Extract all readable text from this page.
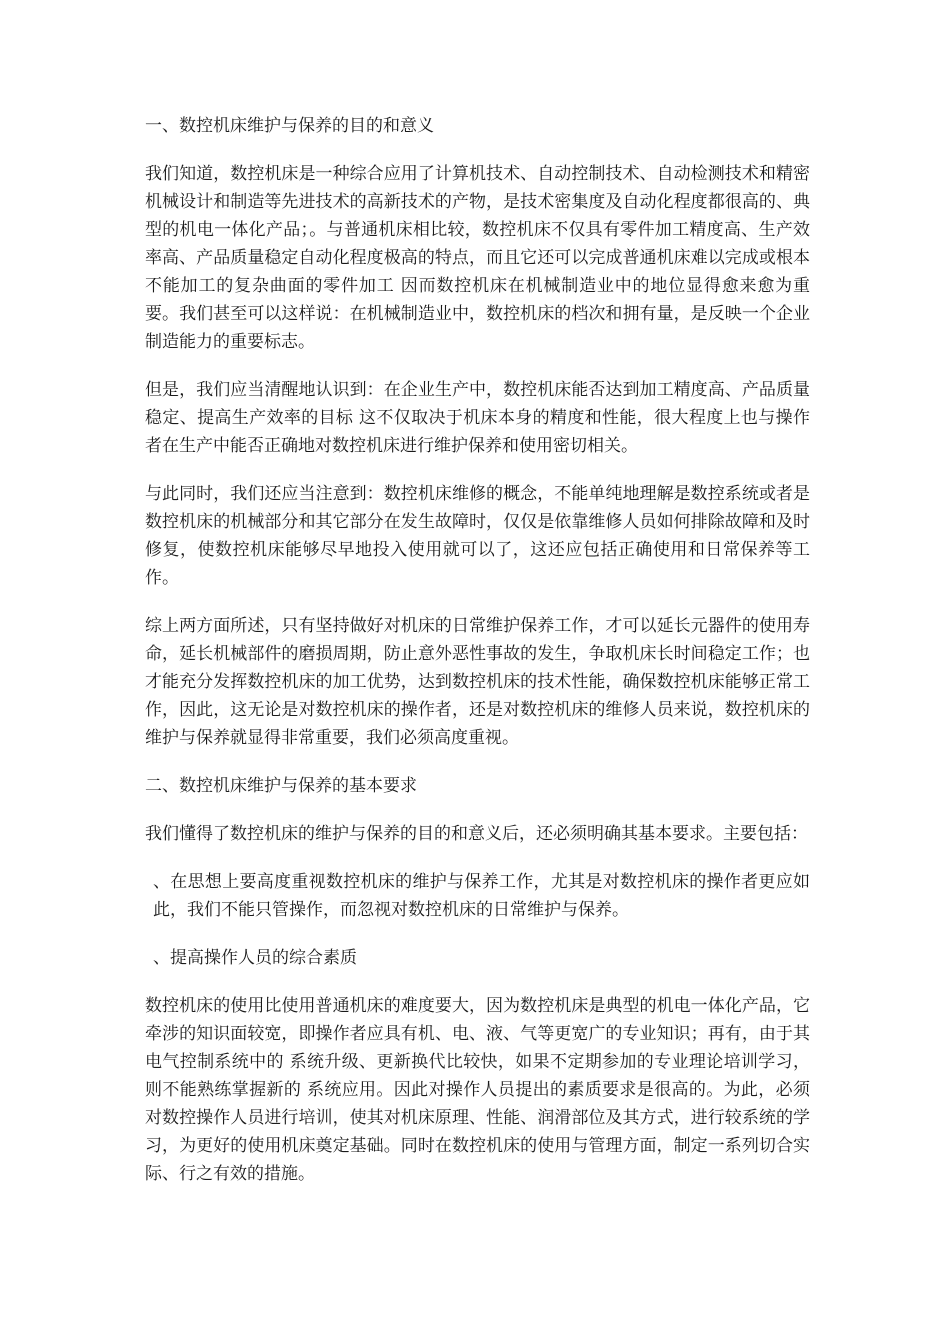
一、数控机床维护与保养的目的和意义
我们知道，数控机床是一种综合应用了计算机技术、自动控制技术、自动检测技术和精密机械设计和制造等先进技术的高新技术的产物，是技术密集度及自动化程度都很高的、典型的机电一体化产品；。与普通机床相比较，数控机床不仅具有零件加工精度高、生产效率高、产品质量稳定自动化程度极高的特点，而且它还可以完成普通机床难以完成或根本不能加工的复杂曲面的零件加工 因而数控机床在机械制造业中的地位显得愈来愈为重要。我们甚至可以这样说：在机械制造业中，数控机床的档次和拥有量，是反映一个企业制造能力的重要标志。
但是，我们应当清醒地认识到：在企业生产中，数控机床能否达到加工精度高、产品质量稳定、提高生产效率的目标 这不仅取决于机床本身的精度和性能，很大程度上也与操作者在生产中能否正确地对数控机床进行维护保养和使用密切相关。
与此同时，我们还应当注意到：数控机床维修的概念，不能单纯地理解是数控系统或者是数控机床的机械部分和其它部分在发生故障时，仅仅是依靠维修人员如何排除故障和及时修复，使数控机床能够尽早地投入使用就可以了，这还应包括正确使用和日常保养等工作。
综上两方面所述，只有坚持做好对机床的日常维护保养工作，才可以延长元器件的使用寿命，延长机械部件的磨损周期，防止意外恶性事故的发生，争取机床长时间稳定工作；也才能充分发挥数控机床的加工优势，达到数控机床的技术性能，确保数控机床能够正常工作，因此，这无论是对数控机床的操作者，还是对数控机床的维修人员来说，数控机床的维护与保养就显得非常重要，我们必须高度重视。
二、数控机床维护与保养的基本要求
我们懂得了数控机床的维护与保养的目的和意义后，还必须明确其基本要求。主要包括：
、在思想上要高度重视数控机床的维护与保养工作，尤其是对数控机床的操作者更应如此，我们不能只管操作，而忽视对数控机床的日常维护与保养。
、提高操作人员的综合素质
数控机床的使用比使用普通机床的难度要大，因为数控机床是典型的机电一体化产品，它牵涉的知识面较宽，即操作者应具有机、电、液、气等更宽广的专业知识；再有，由于其电气控制系统中的 系统升级、更新换代比较快，如果不定期参加的专业理论培训学习，则不能熟练掌握新的 系统应用。因此对操作人员提出的素质要求是很高的。为此，必须对数控操作人员进行培训，使其对机床原理、性能、润滑部位及其方式，进行较系统的学习，为更好的使用机床奠定基础。同时在数控机床的使用与管理方面，制定一系列切合实际、行之有效的措施。
